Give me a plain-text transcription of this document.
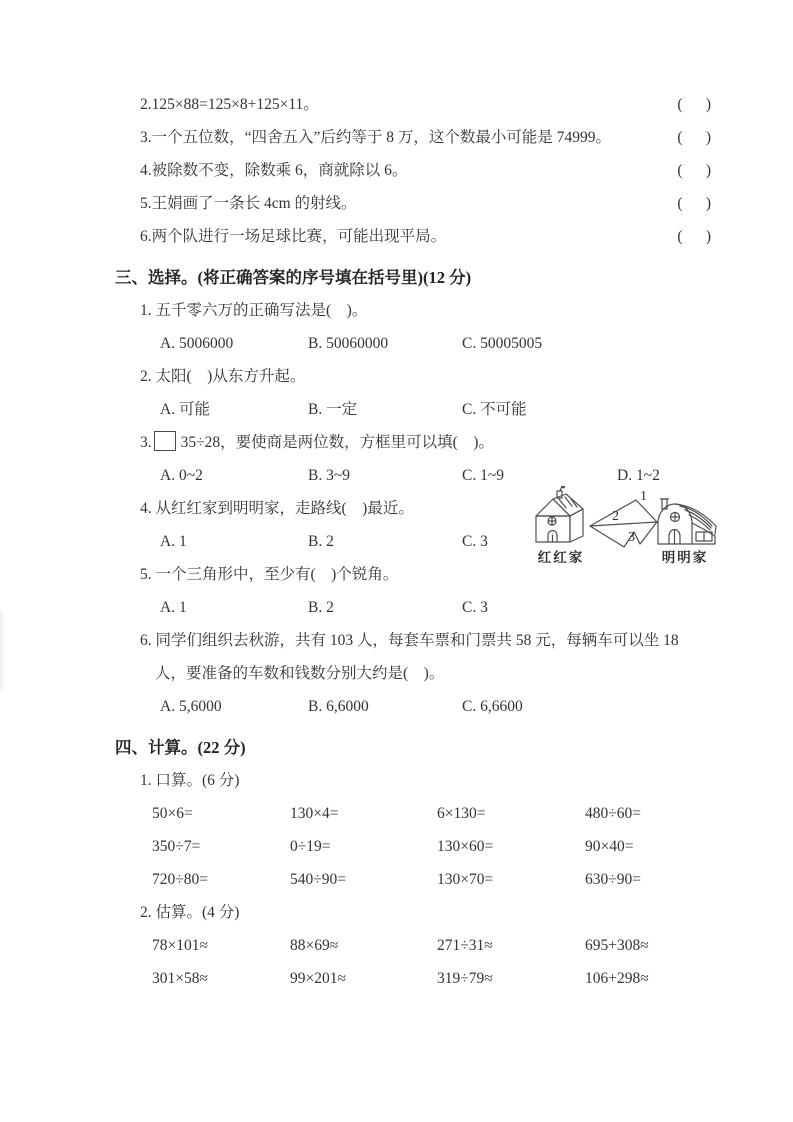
2.125×88=125×8+125×11。	(      )
3.一个五位数，“四舍五入”后约等于 8 万，这个数最小可能是 74999。	(      )
4.被除数不变，除数乘 6，商就除以 6。	(      )
5.王娟画了一条长 4cm 的射线。	(      )
6.两个队进行一场足球比赛，可能出现平局。	(      )
三、选择。(将正确答案的序号填在括号里)(12 分)
1. 五千零六万的正确写法是(    )。
A. 5006000	B. 50060000	C. 50005005
2. 太阳(    )从东方升起。
A. 可能	B. 一定	C. 不可能
3. 35÷28，要使商是两位数，方框里可以填(    )。
A. 0~2	B. 3~9	C. 1~9	D. 1~2
4. 从红红家到明明家，走路线(    )最近。
A. 1	B. 2	C. 3
5. 一个三角形中，至少有(    )个锐角。
A. 1	B. 2	C. 3
6. 同学们组织去秋游，共有 103 人，每套车票和门票共 58 元，每辆车可以坐 18
人，要准备的车数和钱数分别大约是(    )。
A. 5,6000	B. 6,6000	C. 6,6600
四、计算。(22 分)
1. 口算。(6 分)
50×6=	130×4=	6×130=	480÷60=
350÷7=	0÷19=	130×60=	90×40=
720÷80=	540÷90=	130×70=	630÷90=
2. 估算。(4 分)
78×101≈	88×69≈	271÷31≈	695+308≈
301×58≈	99×201≈	319÷79≈	106+298≈
1
2
3
红红家	明明家
